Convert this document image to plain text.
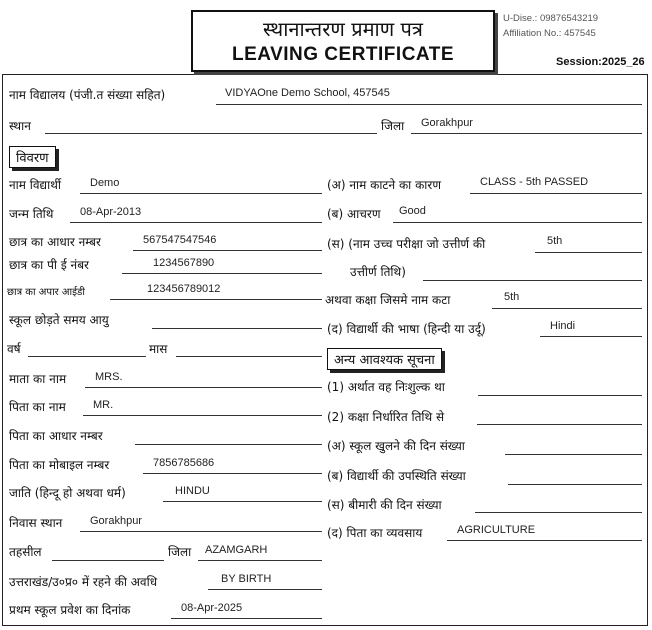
स्थानान्तरण प्रमाण पत्र
LEAVING CERTIFICATE
U-Dise.: 09876543219
Affiliation No.: 457545
Session:2025_26
नाम विद्यालय (पंजी.त संख्या सहित)	VIDYAOne Demo School, 457545
स्थान	जिला Gorakhpur
विवरण
नाम विद्यार्थी	Demo
जन्म तिथि 08-Apr-2013
छात्र का आधार नम्बर	567547547546
छात्र का पी ई नंबर	1234567890
छात्र का अपार आईडी	123456789012
स्कूल छोड़ते समय आयु
वर्ष	मास
माता का नाम	MRS.
पिता का नाम MR.
पिता का आधार नम्बर
पिता का मोबाइल नम्बर	7856785686
जाति (हिन्दू हो अथवा धर्म)	HINDU
निवास स्थान	Gorakhpur
तहसील	जिला AZAMGARH
उत्तराखंड/उ०प्र० में रहने की अवधि	BY BIRTH
प्रथम स्कूल प्रवेश का दिनांक	08-Apr-2025
(अ) नाम काटने का कारण	CLASS - 5th PASSED
(ब) आचरण Good
(स) (नाम उच्च परीक्षा जो उत्तीर्ण की	5th
उत्तीर्ण तिथि)
अथवा कक्षा जिसमे नाम कटा	5th
(द) विद्यार्थी की भाषा (हिन्दी या उर्दू)	Hindi
अन्य आवश्यक सूचना
(1) अर्थात वह निःशुल्क था
(2) कक्षा निर्धारित तिथि से
(अ) स्कूल खुलने की दिन संख्या
(ब) विद्यार्थी की उपस्थिति संख्या
(स) बीमारी की दिन संख्या
(द) पिता का व्यवसाय	AGRICULTURE
